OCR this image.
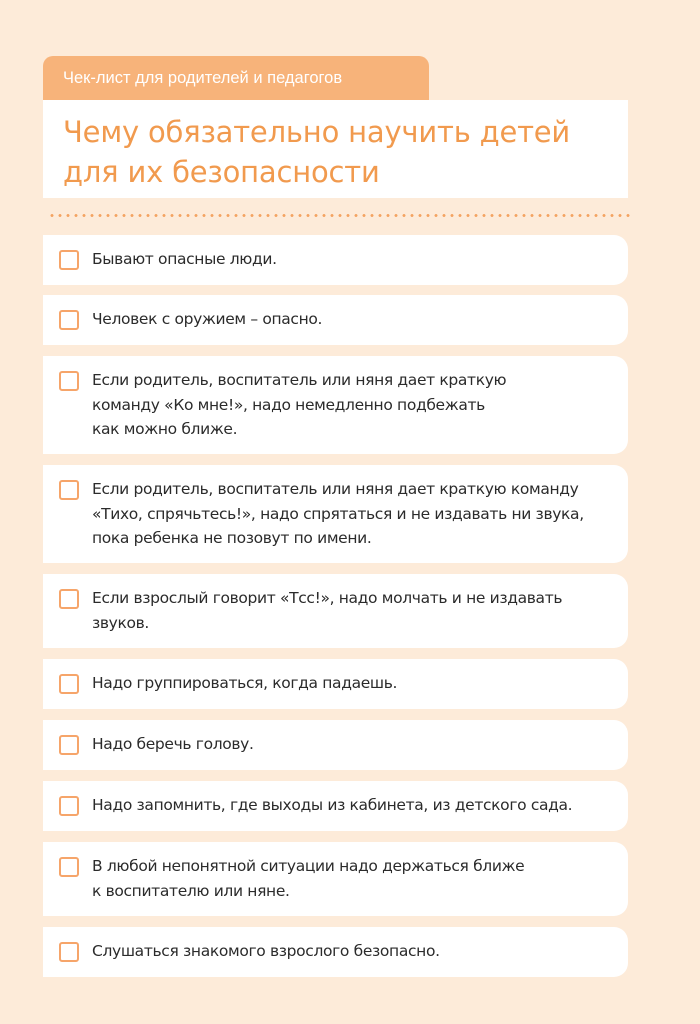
Чек-лист для родителей и педагогов
Чему обязательно научить детей
для их безопасности
Бывают опасные люди.
Человек с оружием – опасно.
Если родитель, воспитатель или няня дает краткую
команду «Ко мне!», надо немедленно подбежать
как можно ближе.
Если родитель, воспитатель или няня дает краткую команду
«Тихо, спрячьтесь!», надо спрятаться и не издавать ни звука,
пока ребенка не позовут по имени.
Если взрослый говорит «Тсс!», надо молчать и не издавать
звуков.
Надо группироваться, когда падаешь.
Надо беречь голову.
Надо запомнить, где выходы из кабинета, из детского сада.
В любой непонятной ситуации надо держаться ближе
к воспитателю или няне.
Слушаться знакомого взрослого безопасно.
